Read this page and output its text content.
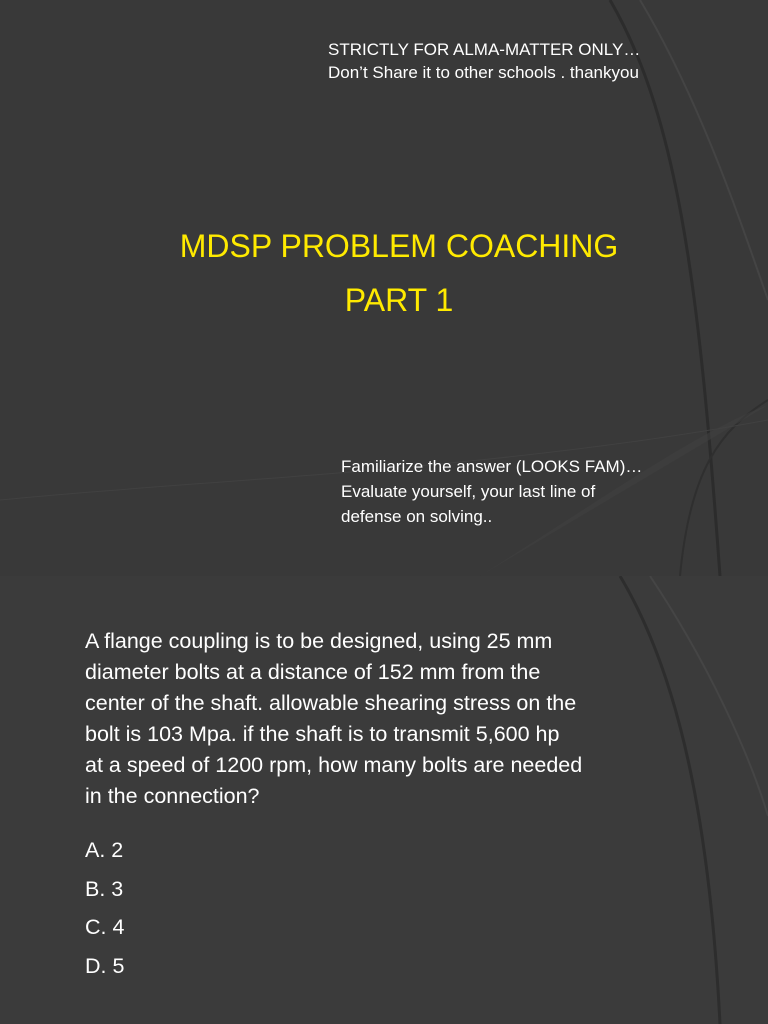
STRICTLY FOR ALMA-MATTER ONLY…
Don’t Share it to other schools . thankyou
MDSP PROBLEM COACHING
PART 1
Familiarize the answer (LOOKS FAM)…
Evaluate yourself, your last line of
defense on solving..
A flange coupling is to be designed, using 25 mm
diameter bolts at a distance of 152 mm from the
center of the shaft. allowable shearing stress on the
bolt is 103 Mpa. if the shaft is to transmit 5,600 hp
at a speed of 1200 rpm, how many bolts are needed
in the connection?
A. 2
B. 3
C. 4
D. 5
